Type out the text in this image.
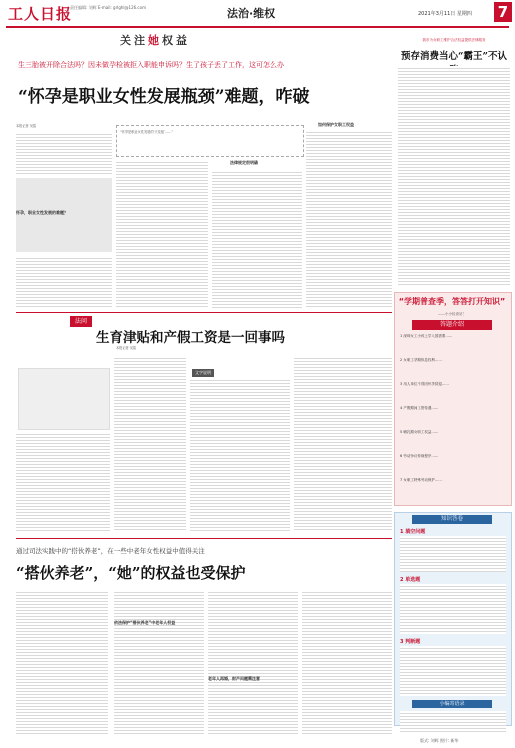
工人日报
责任编辑: 刘辉 E-mail: grlghl@126.com	法治·维权	2021年3月11日 星期四 7
关注她权益
生三胎被开除合法吗？因未做孕检被拒入职能申诉吗？生了孩子丢了工作，这可怎么办
“怀孕是职业女性发展瓶颈”难题，咋破
本报记者 吴铭
“怀孕是职业女性发展的‘天花板’……”
怀孕，职业女性发展的难题？
法律规定很明确
如何保护女职工权益
法问
生育津贴和产假工资是一回事吗
本报记者 吴铭
文字说明
通过司法实践中的“搭伙养老”，在一些中老年女性权益中值得关注
“搭伙养老”，“她”的权益也受保护
依法保护“搭伙养老”中老年人权益
老年人再婚，财产问题需注意
我市为女职工维护合法权益提供法律服务
预存消费当心“霸王”不认
“学期普查季，答答打开知识”
——小小检查站！
答题介绍
1 深圳女工小孩上学入园需要……
2 女职工孕期休息权利……
3 用人单位不得因怀孕辞退……
4 产假期间工资待遇……
5 哺乳期女职工权益……
6 劳动争议仲裁程序……
7 女职工特殊劳动保护……
知识答卷
1 填空问题
2 单选题
3 判断题
小编寄语录
版式: 刘辉 照片: 新华
